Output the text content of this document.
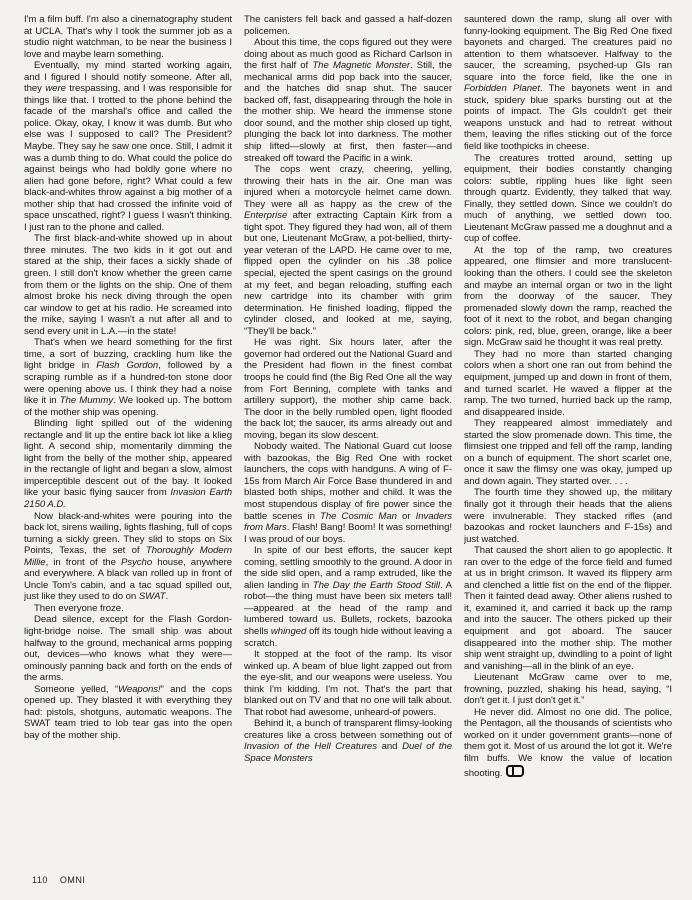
I'm a film buff. I'm also a cinematography student at UCLA. That's why I took the summer job as a studio night watchman, to be near the business I love and maybe learn something.

Eventually, my mind started working again, and I figured I should notify someone. After all, they were trespassing, and I was responsible for things like that. I trotted to the phone behind the facade of the marshal's office and called the police. Okay, okay, I know it was dumb. But who else was I supposed to call? The President? Maybe. They say he saw one once. Still, I admit it was a dumb thing to do. What could the police do against beings who had boldly gone where no alien had gone before, right? What could a few black-and-whites throw against a big mother of a mother ship that had crossed the infinite void of space unscathed, right? I guess I wasn't thinking. I just ran to the phone and called.

The first black-and-white showed up in about three minutes. The two kids in it got out and stared at the ship, their faces a sickly shade of green. I still don't know whether the green came from them or the lights on the ship. One of them almost broke his neck diving through the open car window to get at his radio. He screamed into the mike, saying I wasn't a nut after all and to send every unit in L.A.—in the state!

That's when we heard something for the first time, a sort of buzzing, crackling hum like the light bridge in Flash Gordon, followed by a scraping rumble as if a hundred-ton stone door were opening above us. I think they had a noise like it in The Mummy. We looked up. The bottom of the mother ship was opening.

Blinding light spilled out of the widening rectangle and lit up the entire back lot like a klieg light. A second ship, momentarily dimming the light from the belly of the mother ship, appeared in the rectangle of light and began a slow, almost imperceptible descent out of the bay. It looked like your basic flying saucer from Invasion Earth 2150 A.D.

Now black-and-whites were pouring into the back lot, sirens wailing, lights flashing, full of cops turning a sickly green. They slid to stops on Six Points, Texas, the set of Thoroughly Modern Millie, in front of the Psycho house, anywhere and everywhere. A black van rolled up in front of Uncle Tom's cabin, and a tac squad spilled out, just like they used to do on SWAT.

Then everyone froze.

Dead silence, except for the Flash Gordon-light-bridge noise. The small ship was about halfway to the ground, mechanical arms popping out, devices—who knows what they were—ominously panning back and forth on the ends of the arms.

Someone yelled, “Weapons!” and the cops opened up. They blasted it with everything they had: pistols, shotguns, automatic weapons. The SWAT team tried to lob tear gas into the open bay of the mother ship.

The canisters fell back and gassed a half-dozen policemen.

About this time, the cops figured out they were doing about as much good as Richard Carlson in the first half of The Magnetic Monster. Still, the mechanical arms did pop back into the saucer, and the hatches did snap shut. The saucer backed off, fast, disappearing through the hole in the mother ship. We heard the immense stone door sound, and the mother ship closed up tight, plunging the back lot into darkness. The mother ship lifted—slowly at first, then faster—and streaked off toward the Pacific in a wink.

The cops went crazy, cheering, yelling, throwing their hats in the air. One man was injured when a motorcycle helmet came down. They were all as happy as the crew of the Enterprise after extracting Captain Kirk from a tight spot. They figured they had won, all of them but one, Lieutenant McGraw, a pot-bellied, thirty-year veteran of the LAPD. He came over to me, flipped open the cylinder on his .38 police special, ejected the spent casings on the ground at my feet, and began reloading, stuffing each new cartridge into its chamber with grim determination. He finished loading, flipped the cylinder closed, and looked at me, saying, “They'll be back.”

He was right. Six hours later, after the governor had ordered out the National Guard and the President had flown in the finest combat troops he could find (the Big Red One all the way from Fort Benning, complete with tanks and artillery support), the mother ship came back. The door in the belly rumbled open, light flooded the back lot; the saucer, its arms already out and moving, began its slow descent.

Nobody waited. The National Guard cut loose with bazookas, the Big Red One with rocket launchers, the cops with handguns. A wing of F-15s from March Air Force Base thundered in and blasted both ships, mother and child. It was the most stupendous display of fire power since the battle scenes in The Cosmic Man or Invaders from Mars. Flash! Bang! Boom! It was something! I was proud of our boys.

In spite of our best efforts, the saucer kept coming, settling smoothly to the ground. A door in the side slid open, and a ramp extruded, like the alien landing in The Day the Earth Stood Still. A robot—the thing must have been six meters tall!—appeared at the head of the ramp and lumbered toward us. Bullets, rockets, bazooka shells whinged off its tough hide without leaving a scratch.

It stopped at the foot of the ramp. Its visor winked up. A beam of blue light zapped out from the eye-slit, and our weapons were useless. You think I'm kidding. I'm not. That's the part that blanked out on TV and that no one will talk about. That robot had awesome, unheard-of powers.

Behind it, a bunch of transparent flimsy-looking creatures like a cross between something out of Invasion of the Hell Creatures and Duel of the Space Monsters

sauntered down the ramp, slung all over with funny-looking equipment. The Big Red One fixed bayonets and charged. The creatures paid no attention to them whatsoever. Halfway to the saucer, the screaming, psyched-up GIs ran square into the force field, like the one in Forbidden Planet. The bayonets went in and stuck, spidery blue sparks bursting out at the points of impact. The GIs couldn't get their weapons unstuck and had to retreat without them, leaving the rifles sticking out of the force field like toothpicks in cheese.

The creatures trotted around, setting up equipment, their bodies constantly changing colors: subtle, rippling hues like light seen through quartz. Evidently, they talked that way. Finally, they settled down. Since we couldn't do much of anything, we settled down too. Lieutenant McGraw passed me a doughnut and a cup of coffee.

At the top of the ramp, two creatures appeared, one flimsier and more translucent-looking than the others. I could see the skeleton and maybe an internal organ or two in the light from the doorway of the saucer. They promenaded slowly down the ramp, reached the foot of it next to the robot, and began changing colors: pink, red, blue, green, orange, like a beer sign. McGraw said he thought it was real pretty.

They had no more than started changing colors when a short one ran out from behind the equipment, jumped up and down in front of them, and turned scarlet. He waved a flipper at the ramp. The two turned, hurried back up the ramp, and disappeared inside.

They reappeared almost immediately and started the slow promenade down. This time, the flimsiest one tripped and fell off the ramp, landing on a bunch of equipment. The short scarlet one, once it saw the flimsy one was okay, jumped up and down again. They started over. . . .

The fourth time they showed up, the military finally got it through their heads that the aliens were invulnerable. They stacked rifles (and bazookas and rocket launchers and F-15s) and just watched.

That caused the short alien to go apoplectic. It ran over to the edge of the force field and fumed at us in bright crimson. It waved its flippery arm and clenched a little fist on the end of the flipper. Then it fainted dead away. Other aliens rushed to it, examined it, and carried it back up the ramp and into the saucer. The others picked up their equipment and got aboard. The saucer disappeared into the mother ship. The mother ship went straight up, dwindling to a point of light and vanishing—all in the blink of an eye.

Lieutenant McGraw came over to me, frowning, puzzled, shaking his head, saying, “I don't get it. I just don't get it.”

He never did. Almost no one did. The police, the Pentagon, all the thousands of scientists who worked on it under government grants—none of them got it. Most of us around the lot got it. We're film buffs. We know the value of location shooting.

110 OMNI
